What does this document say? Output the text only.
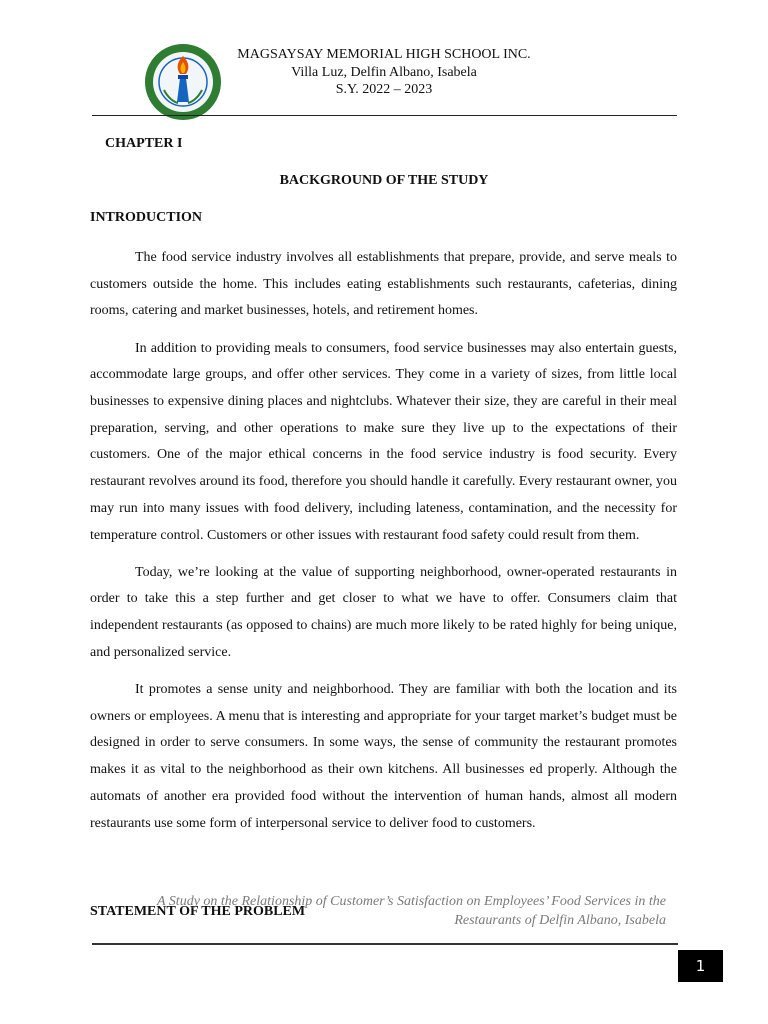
MAGSAYSAY MEMORIAL HIGH SCHOOL INC.
Villa Luz, Delfin Albano, Isabela
S.Y. 2022 – 2023
CHAPTER I
BACKGROUND OF THE STUDY
INTRODUCTION

The food service industry involves all establishments that prepare, provide, and serve meals to customers outside the home. This includes eating establishments such restaurants, cafeterias, dining rooms, catering and market businesses, hotels, and retirement homes.

In addition to providing meals to consumers, food service businesses may also entertain guests, accommodate large groups, and offer other services. They come in a variety of sizes, from little local businesses to expensive dining places and nightclubs. Whatever their size, they are careful in their meal preparation, serving, and other operations to make sure they live up to the expectations of their customers. One of the major ethical concerns in the food service industry is food security. Every restaurant revolves around its food, therefore you should handle it carefully. Every restaurant owner, you may run into many issues with food delivery, including lateness, contamination, and the necessity for temperature control. Customers or other issues with restaurant food safety could result from them.

Today, we’re looking at the value of supporting neighborhood, owner-operated restaurants in order to take this a step further and get closer to what we have to offer. Consumers claim that independent restaurants (as opposed to chains) are much more likely to be rated highly for being unique, and personalized service.

It promotes a sense unity and neighborhood. They are familiar with both the location and its owners or employees. A menu that is interesting and appropriate for your target market’s budget must be designed in order to serve consumers. In some ways, the sense of community the restaurant promotes makes it as vital to the neighborhood as their own kitchens. All businesses ed properly. Although the automats of another era provided food without the intervention of human hands, almost all modern restaurants use some form of interpersonal service to deliver food to customers.

STATEMENT OF THE PROBLEM
A Study on the Relationship of Customer’s Satisfaction on Employees’ Food Services in the
Restaurants of Delfin Albano, Isabela
1
